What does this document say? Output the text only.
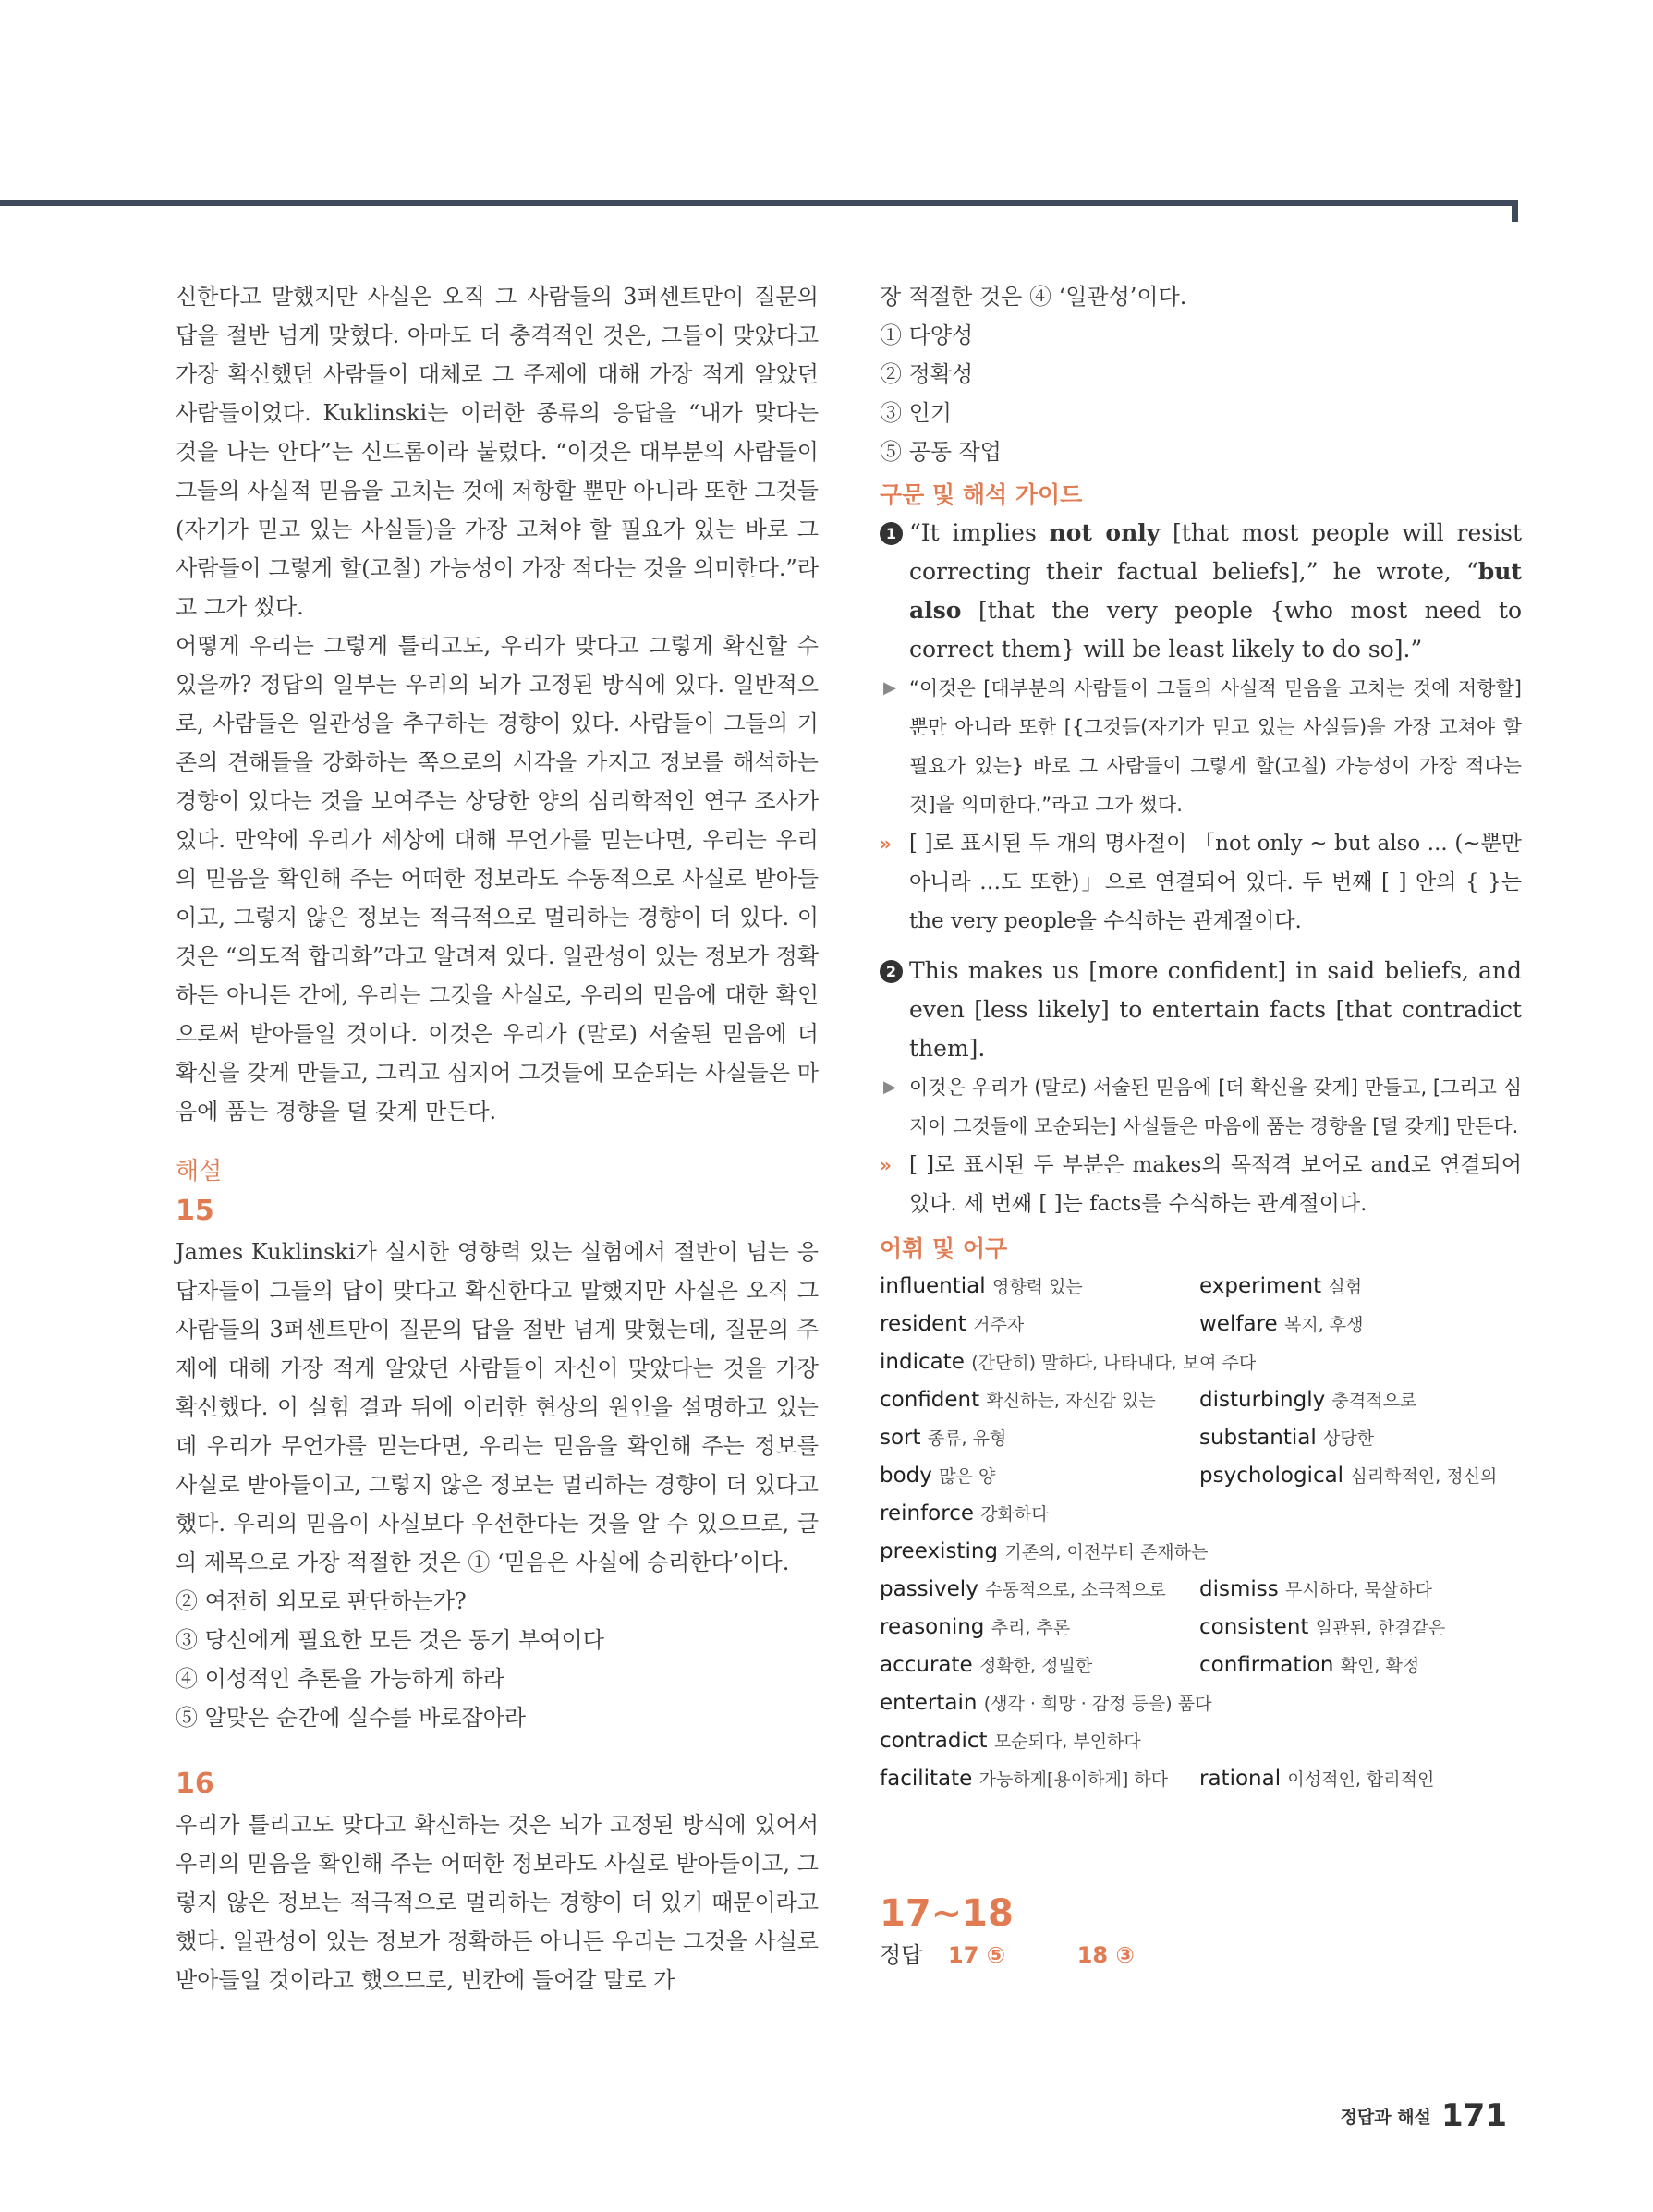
신한다고 말했지만 사실은 오직 그 사람들의 3퍼센트만이 질문의 답을 절반 넘게 맞혔다. 아마도 더 충격적인 것은, 그들이 맞았다고 가장 확신했던 사람들이 대체로 그 주제에 대해 가장 적게 알았던 사람들이었다. Kuklinski는 이러한 종류의 응답을 “내가 맞다는 것을 나는 안다”는 신드롬이라 불렀다. “이것은 대부분의 사람들이 그들의 사실적 믿음을 고치는 것에 저항할 뿐만 아니라 또한 그것들(자기가 믿고 있는 사실들)을 가장 고쳐야 할 필요가 있는 바로 그 사람들이 그렇게 할(고칠) 가능성이 가장 적다는 것을 의미한다.”라고 그가 썼다.

어떻게 우리는 그렇게 틀리고도, 우리가 맞다고 그렇게 확신할 수 있을까? 정답의 일부는 우리의 뇌가 고정된 방식에 있다. 일반적으로, 사람들은 일관성을 추구하는 경향이 있다. 사람들이 그들의 기존의 견해들을 강화하는 쪽으로의 시각을 가지고 정보를 해석하는 경향이 있다는 것을 보여주는 상당한 양의 심리학적인 연구 조사가 있다. 만약에 우리가 세상에 대해 무언가를 믿는다면, 우리는 우리의 믿음을 확인해 주는 어떠한 정보라도 수동적으로 사실로 받아들이고, 그렇지 않은 정보는 적극적으로 멀리하는 경향이 더 있다. 이것은 “의도적 합리화”라고 알려져 있다. 일관성이 있는 정보가 정확하든 아니든 간에, 우리는 그것을 사실로, 우리의 믿음에 대한 확인으로써 받아들일 것이다. 이것은 우리가 (말로) 서술된 믿음에 더 확신을 갖게 만들고, 그리고 심지어 그것들에 모순되는 사실들은 마음에 품는 경향을 덜 갖게 만든다.

해설

15

James Kuklinski가 실시한 영향력 있는 실험에서 절반이 넘는 응답자들이 그들의 답이 맞다고 확신한다고 말했지만 사실은 오직 그 사람들의 3퍼센트만이 질문의 답을 절반 넘게 맞혔는데, 질문의 주제에 대해 가장 적게 알았던 사람들이 자신이 맞았다는 것을 가장 확신했다. 이 실험 결과 뒤에 이러한 현상의 원인을 설명하고 있는데 우리가 무언가를 믿는다면, 우리는 믿음을 확인해 주는 정보를 사실로 받아들이고, 그렇지 않은 정보는 멀리하는 경향이 더 있다고 했다. 우리의 믿음이 사실보다 우선한다는 것을 알 수 있으므로, 글의 제목으로 가장 적절한 것은 ① ‘믿음은 사실에 승리한다’이다.

② 여전히 외모로 판단하는가?

③ 당신에게 필요한 모든 것은 동기 부여이다

④ 이성적인 추론을 가능하게 하라

⑤ 알맞은 순간에 실수를 바로잡아라

16

우리가 틀리고도 맞다고 확신하는 것은 뇌가 고정된 방식에 있어서 우리의 믿음을 확인해 주는 어떠한 정보라도 사실로 받아들이고, 그렇지 않은 정보는 적극적으로 멀리하는 경향이 더 있기 때문이라고 했다. 일관성이 있는 정보가 정확하든 아니든 우리는 그것을 사실로 받아들일 것이라고 했으므로, 빈칸에 들어갈 말로 가

장 적절한 것은 ④ ‘일관성’이다.

① 다양성

② 정확성

③ 인기

⑤ 공동 작업

구문 및 해석 가이드

1 “It implies not only [that most people will resist correcting their factual beliefs],” he wrote, “but also [that the very people {who most need to correct them} will be least likely to do so].”

▶ “이것은 [대부분의 사람들이 그들의 사실적 믿음을 고치는 것에 저항할] 뿐만 아니라 또한 [{그것들(자기가 믿고 있는 사실들)을 가장 고쳐야 할 필요가 있는} 바로 그 사람들이 그렇게 할(고칠) 가능성이 가장 적다는 것]을 의미한다.”라고 그가 썼다.

» [ ]로 표시된 두 개의 명사절이 「not only ~ but also ... (~뿐만 아니라 …도 또한)」으로 연결되어 있다. 두 번째 [ ] 안의 { }는 the very people을 수식하는 관계절이다.

2 This makes us [more confident] in said beliefs, and even [less likely] to entertain facts [that contradict them].

▶ 이것은 우리가 (말로) 서술된 믿음에 [더 확신을 갖게] 만들고, [그리고 심지어 그것들에 모순되는] 사실들은 마음에 품는 경향을 [덜 갖게] 만든다.

» [ ]로 표시된 두 부분은 makes의 목적격 보어로 and로 연결되어 있다. 세 번째 [ ]는 facts를 수식하는 관계절이다.

어휘 및 어구

influential 영향력 있는	experiment 실험
resident 거주자	welfare 복지, 후생
indicate (간단히) 말하다, 나타내다, 보여 주다
confident 확신하는, 자신감 있는	disturbingly 충격적으로
sort 종류, 유형	substantial 상당한
body 많은 양	psychological 심리학적인, 정신의
reinforce 강화하다
preexisting 기존의, 이전부터 존재하는
passively 수동적으로, 소극적으로	dismiss 무시하다, 묵살하다
reasoning 추리, 추론	consistent 일관된, 한결같은
accurate 정확한, 정밀한	confirmation 확인, 확정
entertain (생각 · 희망 · 감정 등을) 품다
contradict 모순되다, 부인하다
facilitate 가능하게[용이하게] 하다	rational 이성적인, 합리적인

17~18

정답 17 ⑤	18 ③

정답과 해설 171
